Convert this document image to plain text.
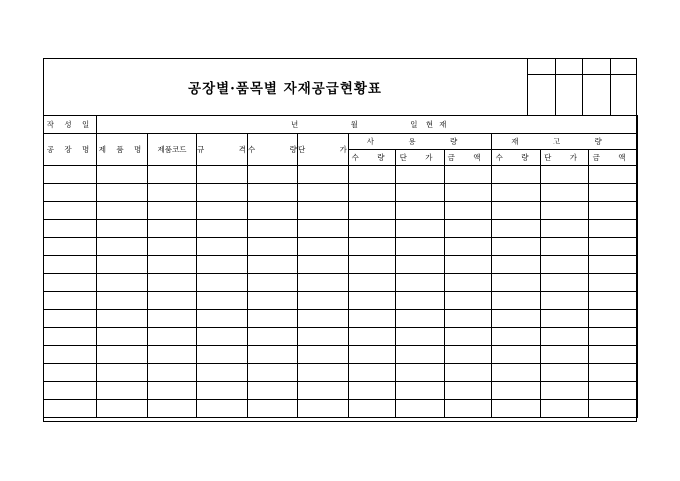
공장별·품목별 자재공급현황표
작 성 일	년 월 일 현재										
공 장 명	제 품 명	제품코드	규 격	수 량	단 가	사 용 량			재 고 량		
						수 량	단 가	금 액	수 량	단 가	금 액
